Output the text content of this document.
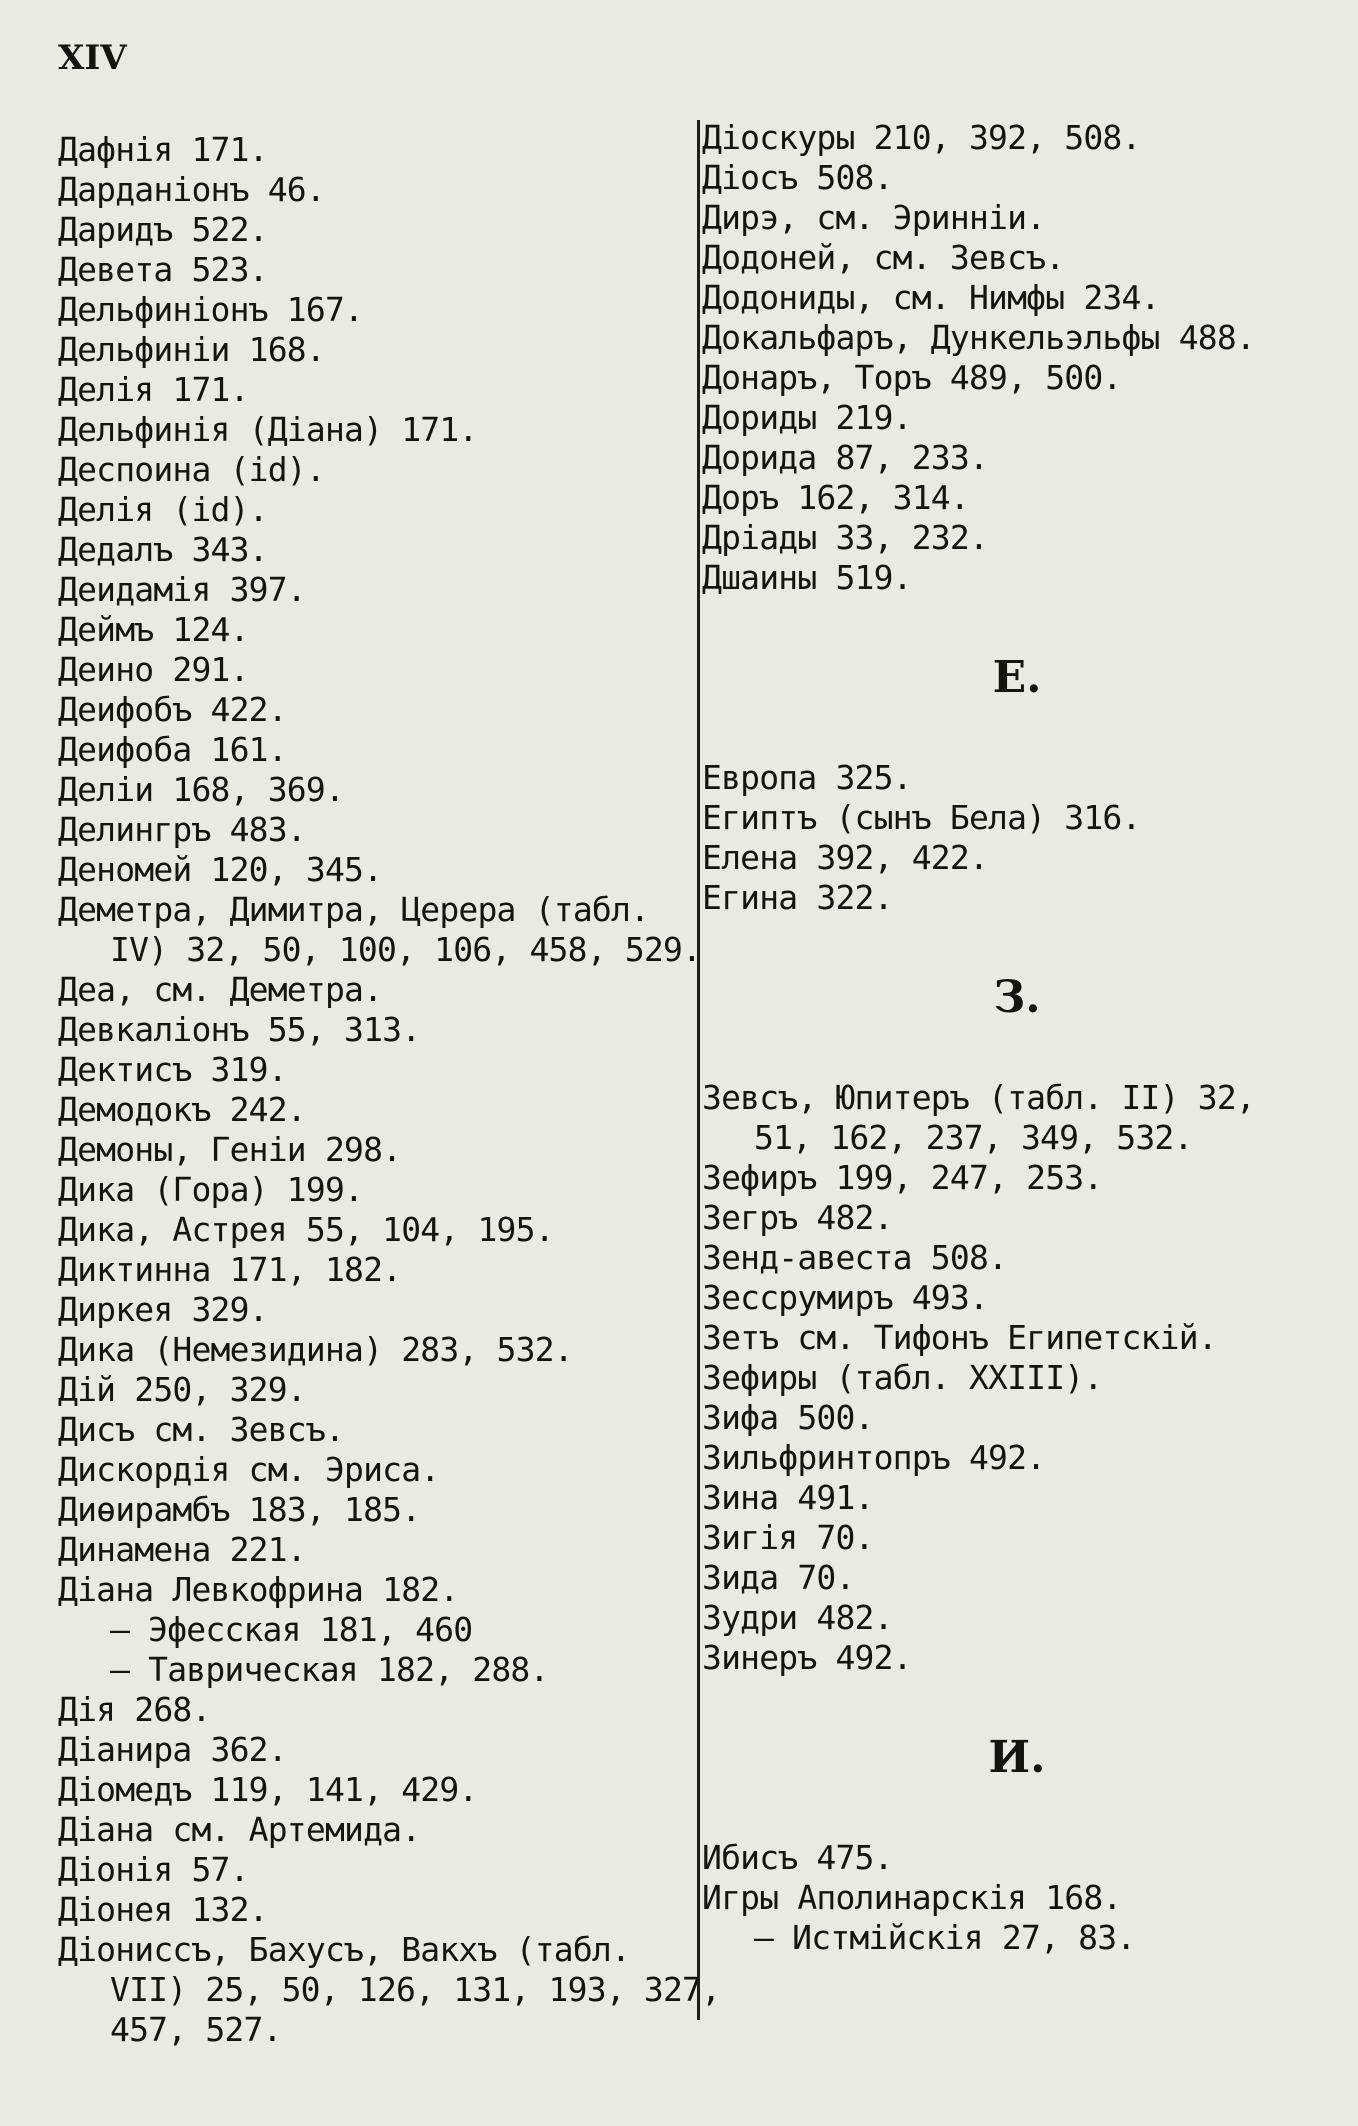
XIV
Дафнія 171.
Дарданіонъ 46.
Даридъ 522.
Девета 523.
Дельфиніонъ 167.
Дельфиніи 168.
Делія 171.
Дельфинія (Діана) 171.
Деспоина (id).
Делія (id).
Дедалъ 343.
Деидамія 397.
Деймъ 124.
Деино 291.
Деифобъ 422.
Деифоба 161.
Делiи 168, 369.
Делингръ 483.
Деномей 120, 345.
Деметра, Димитра, Церера (табл.
IV) 32, 50, 100, 106, 458, 529.
Деа, см. Деметра.
Девкаліонъ 55, 313.
Дектисъ 319.
Демодокъ 242.
Демоны, Геніи 298.
Дика (Гора) 199.
Дика, Астрея 55, 104, 195.
Диктинна 171, 182.
Диркея 329.
Дика (Немезидина) 283, 532.
Дій 250, 329.
Дисъ см. Зевсъ.
Дискордія см. Эриса.
Диѳирамбъ 183, 185.
Динамена 221.
Діана Левкофрина 182.
— Эфесская 181, 460
— Таврическая 182, 288.
Дія 268.
Діанира 362.
Діомедъ 119, 141, 429.
Діана см. Артемида.
Діонія 57.
Діонея 132.
Діониссъ, Бахусъ, Вакхъ (табл.
VII) 25, 50, 126, 131, 193, 327,
457, 527.
Діоскуры 210, 392, 508.
Діосъ 508.
Дирэ, см. Эринніи.
Додоней, см. Зевсъ.
Додониды, см. Нимфы 234.
Докальфаръ, Дункельэльфы 488.
Донаръ, Торъ 489, 500.
Дориды 219.
Дорида 87, 233.
Доръ 162, 314.
Дріады 33, 232.
Дшаины 519.
Е.
Европа 325.
Египтъ (сынъ Бела) 316.
Елена 392, 422.
Егина 322.
З.
Зевсъ, Юпитеръ (табл. II) 32,
51, 162, 237, 349, 532.
Зефиръ 199, 247, 253.
Зегръ 482.
Зенд-авеста 508.
Зессрумиръ 493.
Зетъ см. Тифонъ Египетскій.
Зефиры (табл. XXIII).
Зифа 500.
Зильфринтопръ 492.
Зина 491.
Зигія 70.
Зида 70.
Зудри 482.
Зинеръ 492.
И.
Ибисъ 475.
Игры Аполинарскія 168.
— Истмійскія 27, 83.
